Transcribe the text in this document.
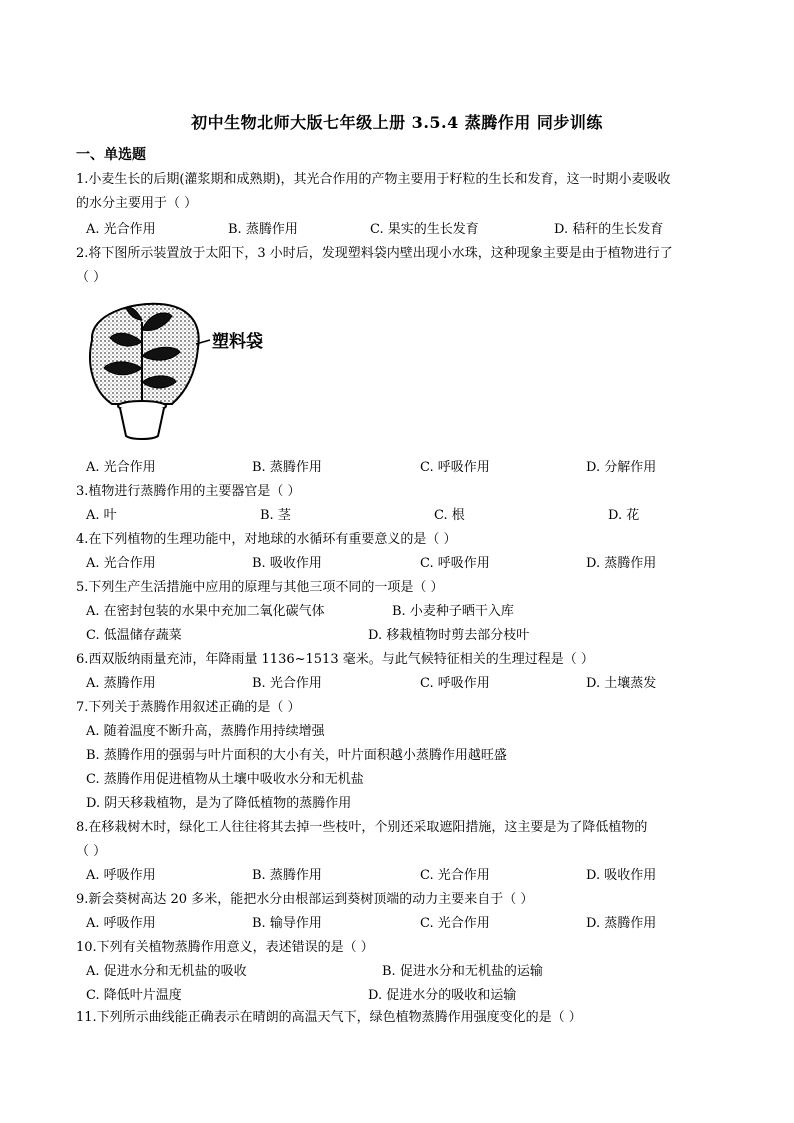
初中生物北师大版七年级上册 3.5.4 蒸腾作用 同步训练
一、单选题
1.小麦生长的后期(灌浆期和成熟期)，其光合作用的产物主要用于籽粒的生长和发育，这一时期小麦吸收
的水分主要用于（ ）
A. 光合作用	B. 蒸腾作用	C. 果实的生长发育	D. 秸秆的生长发育
2.将下图所示装置放于太阳下，3 小时后，发现塑料袋内壁出现小水珠，这种现象主要是由于植物进行了
（ ）
塑料袋
A. 光合作用	B. 蒸腾作用	C. 呼吸作用	D. 分解作用
3.植物进行蒸腾作用的主要器官是（ ）
A. 叶	B. 茎	C. 根	D. 花
4.在下列植物的生理功能中，对地球的水循环有重要意义的是（ ）
A. 光合作用	B. 吸收作用	C. 呼吸作用	D. 蒸腾作用
5.下列生产生活措施中应用的原理与其他三项不同的一项是（ ）
A. 在密封包装的水果中充加二氧化碳气体	B. 小麦种子晒干入库
C. 低温储存蔬菜	D. 移栽植物时剪去部分枝叶
6.西双版纳雨量充沛，年降雨量 1136~1513 毫米。与此气候特征相关的生理过程是（ ）
A. 蒸腾作用	B. 光合作用	C. 呼吸作用	D. 土壤蒸发
7.下列关于蒸腾作用叙述正确的是（ ）
A. 随着温度不断升高，蒸腾作用持续增强
B. 蒸腾作用的强弱与叶片面积的大小有关，叶片面积越小蒸腾作用越旺盛
C. 蒸腾作用促进植物从土壤中吸收水分和无机盐
D. 阴天移栽植物，是为了降低植物的蒸腾作用
8.在移栽树木时，绿化工人往往将其去掉一些枝叶，个别还采取遮阳措施，这主要是为了降低植物的
（ ）
A. 呼吸作用	B. 蒸腾作用	C. 光合作用	D. 吸收作用
9.新会葵树高达 20 多米，能把水分由根部运到葵树顶端的动力主要来自于（ ）
A. 呼吸作用	B. 输导作用	C. 光合作用	D. 蒸腾作用
10.下列有关植物蒸腾作用意义，表述错误的是（ ）
A. 促进水分和无机盐的吸收	B. 促进水分和无机盐的运输
C. 降低叶片温度	D. 促进水分的吸收和运输
11.下列所示曲线能正确表示在晴朗的高温天气下，绿色植物蒸腾作用强度变化的是（ ）
